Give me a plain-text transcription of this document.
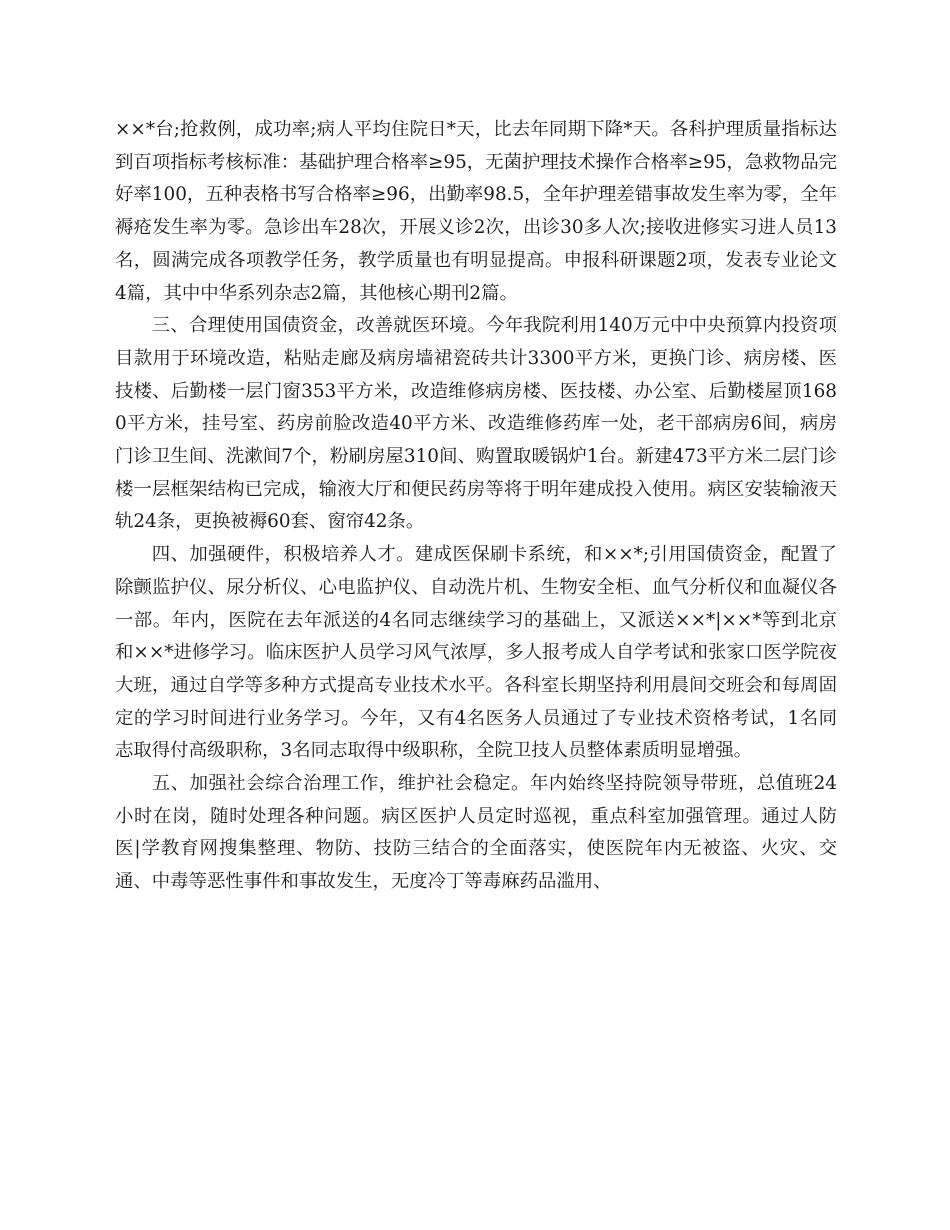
××*台;抢救例，成功率;病人平均住院日*天，比去年同期下降*天。各科护理质量指标达到百项指标考核标准：基础护理合格率≥95，无菌护理技术操作合格率≥95，急救物品完好率100，五种表格书写合格率≥96，出勤率98.5，全年护理差错事故发生率为零，全年褥疮发生率为零。急诊出车28次，开展义诊2次，出诊30多人次;接收进修实习进人员13名，圆满完成各项教学任务，教学质量也有明显提高。申报科研课题2项，发表专业论文4篇，其中中华系列杂志2篇，其他核心期刊2篇。

三、合理使用国债资金，改善就医环境。今年我院利用140万元中中央预算内投资项目款用于环境改造，粘贴走廊及病房墙裙瓷砖共计3300平方米，更换门诊、病房楼、医技楼、后勤楼一层门窗353平方米，改造维修病房楼、医技楼、办公室、后勤楼屋顶1680平方米，挂号室、药房前脸改造40平方米、改造维修药库一处，老干部病房6间，病房门诊卫生间、洗漱间7个，粉刷房屋310间、购置取暖锅炉1台。新建473平方米二层门诊楼一层框架结构已完成，输液大厅和便民药房等将于明年建成投入使用。病区安装输液天轨24条，更换被褥60套、窗帘42条。

四、加强硬件，积极培养人才。建成医保刷卡系统，和××*;引用国债资金，配置了除颤监护仪、尿分析仪、心电监护仪、自动洗片机、生物安全柜、血气分析仪和血凝仪各一部。年内，医院在去年派送的4名同志继续学习的基础上，又派送××*|××*等到北京和××*进修学习。临床医护人员学习风气浓厚，多人报考成人自学考试和张家口医学院夜大班，通过自学等多种方式提高专业技术水平。各科室长期坚持利用晨间交班会和每周固定的学习时间进行业务学习。今年，又有4名医务人员通过了专业技术资格考试，1名同志取得付高级职称，3名同志取得中级职称，全院卫技人员整体素质明显增强。

五、加强社会综合治理工作，维护社会稳定。年内始终坚持院领导带班，总值班24小时在岗，随时处理各种问题。病区医护人员定时巡视，重点科室加强管理。通过人防医|学教育网搜集整理、物防、技防三结合的全面落实，使医院年内无被盗、火灾、交通、中毒等恶性事件和事故发生，无度冷丁等毒麻药品滥用、
